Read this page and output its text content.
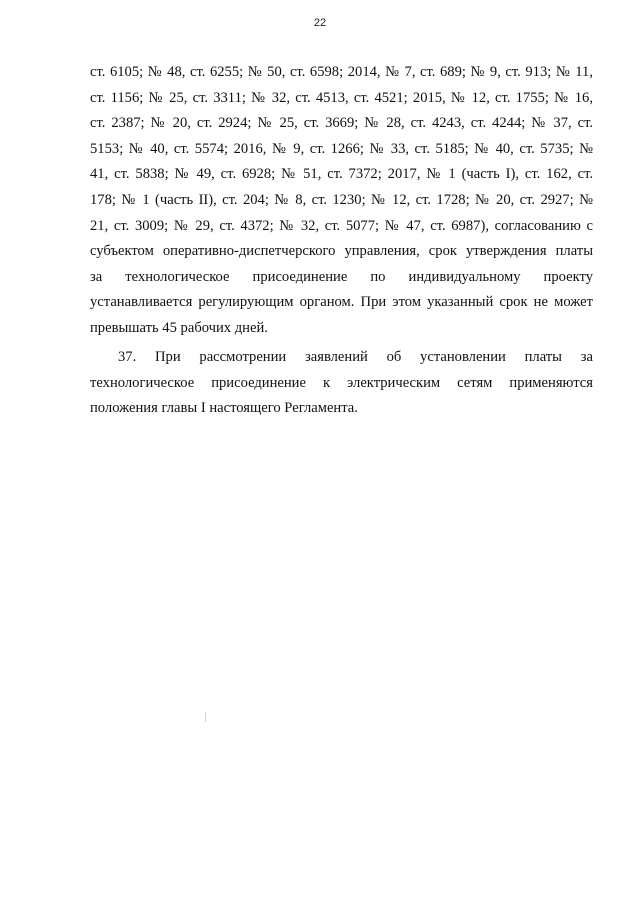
22
ст. 6105; № 48, ст. 6255; № 50, ст. 6598; 2014, № 7, ст. 689; № 9, ст. 913; № 11,
ст. 1156; № 25, ст. 3311; № 32, ст. 4513, ст. 4521; 2015, № 12, ст. 1755; № 16,
ст. 2387; № 20, ст. 2924; № 25, ст. 3669; № 28, ст. 4243, ст. 4244; № 37, ст.
5153; № 40, ст. 5574; 2016, № 9, ст. 1266; № 33, ст. 5185; № 40, ст. 5735; №
41, ст. 5838; № 49, ст. 6928; № 51, ст. 7372; 2017, № 1 (часть I), ст. 162, ст.
178; № 1 (часть II), ст. 204; № 8, ст. 1230; № 12, ст. 1728; № 20, ст. 2927; №
21, ст. 3009; № 29, ст. 4372; № 32, ст. 5077; № 47, ст. 6987), согласованию с
субъектом оперативно-диспетчерского управления, срок утверждения платы
за технологическое присоединение по индивидуальному проекту
устанавливается регулирующим органом. При этом указанный срок не может
превышать 45 рабочих дней.
37. При рассмотрении заявлений об установлении платы за
технологическое присоединение к электрическим сетям применяются
положения главы I настоящего Регламента.
